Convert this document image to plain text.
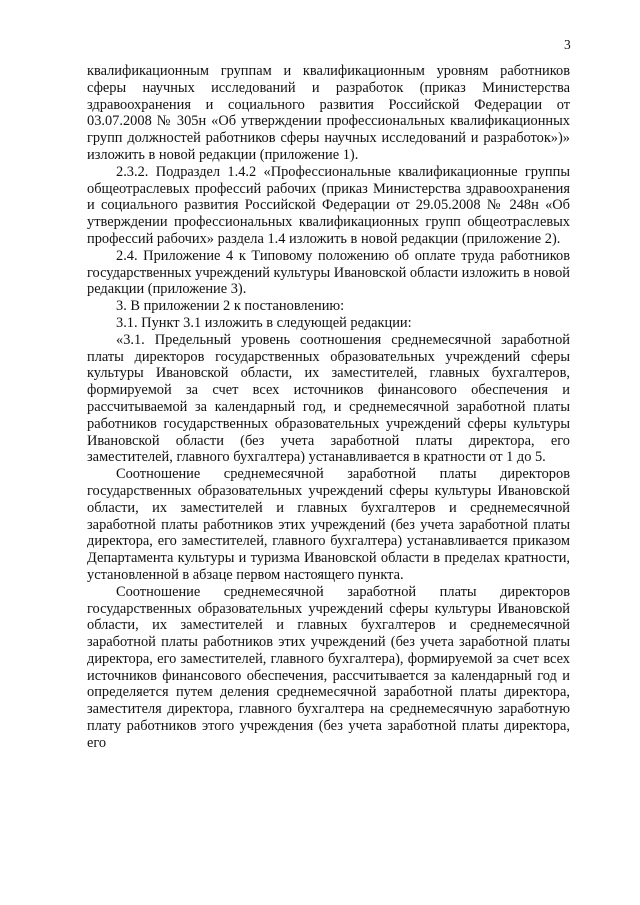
3

квалификационным группам и квалификационным уровням работников сферы научных исследований и разработок (приказ Министерства здравоохранения и социального развития Российской Федерации от 03.07.2008 № 305н «Об утверждении профессиональных квалификационных групп должностей работников сферы научных исследований и разработок»)» изложить в новой редакции (приложение 1).

2.3.2. Подраздел 1.4.2 «Профессиональные квалификационные группы общеотраслевых профессий рабочих (приказ Министерства здравоохранения и социального развития Российской Федерации от 29.05.2008 № 248н «Об утверждении профессиональных квалификационных групп общеотраслевых профессий рабочих» раздела 1.4 изложить в новой редакции (приложение 2).

2.4. Приложение 4 к Типовому положению об оплате труда работников государственных учреждений культуры Ивановской области изложить в новой редакции (приложение 3).

3. В приложении 2 к постановлению:

3.1. Пункт 3.1 изложить в следующей редакции:

«3.1. Предельный уровень соотношения среднемесячной заработной платы директоров государственных образовательных учреждений сферы культуры Ивановской области, их заместителей, главных бухгалтеров, формируемой за счет всех источников финансового обеспечения и рассчитываемой за календарный год, и среднемесячной заработной платы работников государственных образовательных учреждений сферы культуры Ивановской области (без учета заработной платы директора, его заместителей, главного бухгалтера) устанавливается в кратности от 1 до 5.

Соотношение среднемесячной заработной платы директоров государственных образовательных учреждений сферы культуры Ивановской области, их заместителей и главных бухгалтеров и среднемесячной заработной платы работников этих учреждений (без учета заработной платы директора, его заместителей, главного бухгалтера) устанавливается приказом Департамента культуры и туризма Ивановской области в пределах кратности, установленной в абзаце первом настоящего пункта.

Соотношение среднемесячной заработной платы директоров государственных образовательных учреждений сферы культуры Ивановской области, их заместителей и главных бухгалтеров и среднемесячной заработной платы работников этих учреждений (без учета заработной платы директора, его заместителей, главного бухгалтера), формируемой за счет всех источников финансового обеспечения, рассчитывается за календарный год и определяется путем деления среднемесячной заработной платы директора, заместителя директора, главного бухгалтера на среднемесячную заработную плату работников этого учреждения (без учета заработной платы директора, его
